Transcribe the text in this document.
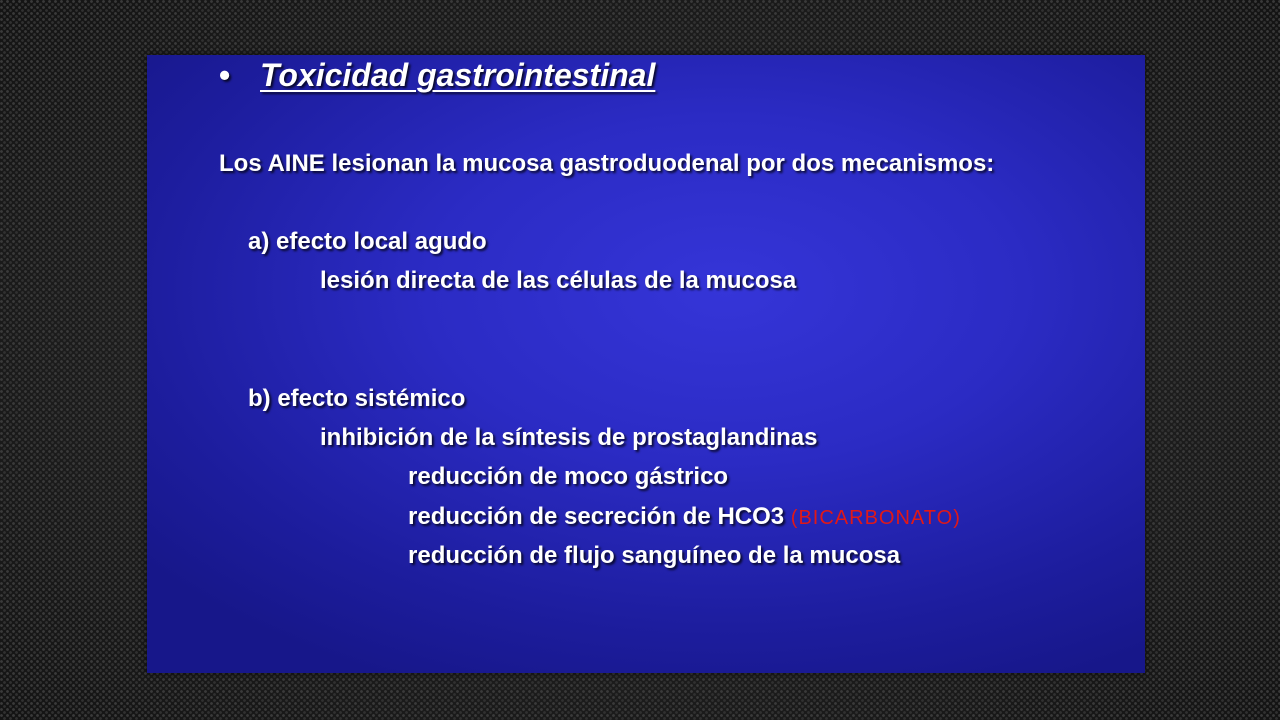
• Toxicidad gastrointestinal
Los AINE lesionan la mucosa gastroduodenal por dos mecanismos:
a) efecto local agudo
lesión directa de las células de la mucosa
b) efecto sistémico
inhibición de la síntesis de prostaglandinas
reducción de moco gástrico
reducción de secreción de HCO3 (BICARBONATO)
reducción de flujo sanguíneo de la mucosa
